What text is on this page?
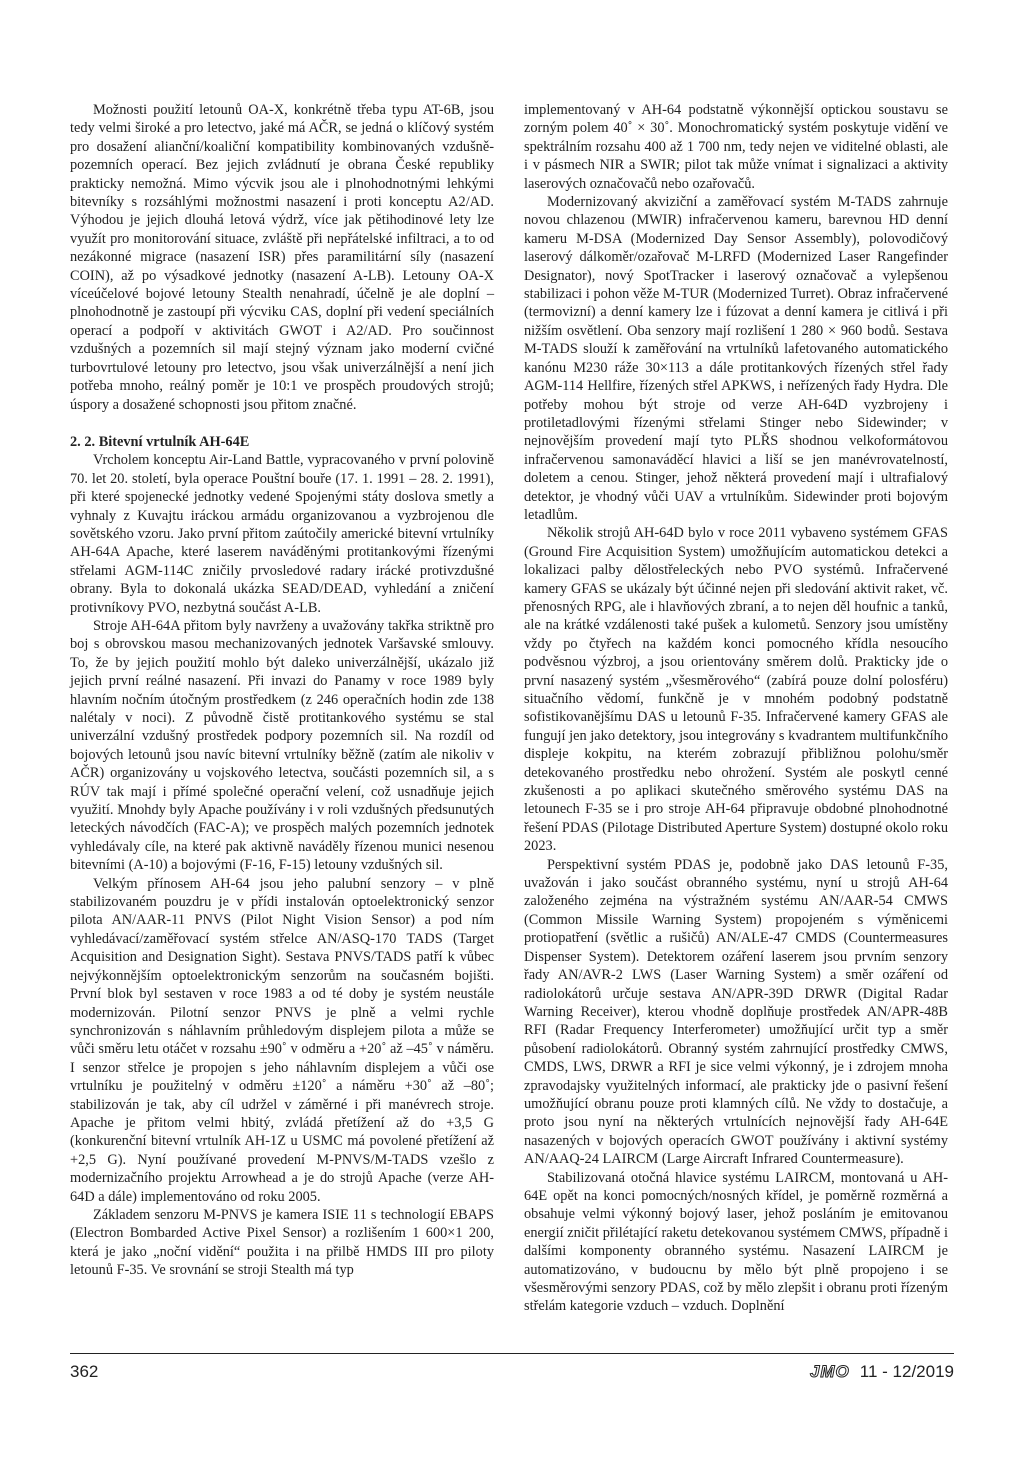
Možnosti použití letounů OA-X, konkrétně třeba typu AT-6B, jsou tedy velmi široké a pro letectvo, jaké má AČR, se jedná o klíčový systém pro dosažení alianční/koaliční kompatibility kombinovaných vzdušně-pozemních operací. Bez jejich zvládnutí je obrana České republiky prakticky nemožná. Mimo výcvik jsou ale i plnohodnotnými lehkými bitevníky s rozsáhlými možnostmi nasazení i proti konceptu A2/AD. Výhodou je jejich dlouhá letová výdrž, více jak pětihodinové lety lze využít pro monitorování situace, zvláště při nepřátelské infiltraci, a to od nezákonné migrace (nasazení ISR) přes paramilitární síly (nasazení COIN), až po výsadkové jednotky (nasazení A-LB). Letouny OA-X víceúčelové bojové letouny Stealth nenahradí, účelně je ale doplní – plnohodnotně je zastoupí při výcviku CAS, doplní při vedení speciálních operací a podpoří v aktivitách GWOT i A2/AD. Pro součinnost vzdušných a pozemních sil mají stejný význam jako moderní cvičné turbovrtulové letouny pro letectvo, jsou však univerzálnější a není jich potřeba mnoho, reálný poměr je 10:1 ve prospěch proudových strojů; úspory a dosažené schopnosti jsou přitom značné.

2. 2. Bitevní vrtulník AH-64E

Vrcholem konceptu Air-Land Battle, vypracovaného v první polovině 70. let 20. století, byla operace Pouštní bouře (17. 1. 1991 – 28. 2. 1991), při které spojenecké jednotky vedené Spojenými státy doslova smetly a vyhnaly z Kuvajtu iráckou armádu organizovanou a vyzbrojenou dle sovětského vzoru. Jako první přitom zaútočily americké bitevní vrtulníky AH-64A Apache, které laserem naváděnými protitankovými řízenými střelami AGM-114C zničily prvosledové radary irácké protivzdušné obrany. Byla to dokonalá ukázka SEAD/DEAD, vyhledání a zničení protivníkovy PVO, nezbytná součást A-LB.

Stroje AH-64A přitom byly navrženy a uvažovány takřka striktně pro boj s obrovskou masou mechanizovaných jednotek Varšavské smlouvy. To, že by jejich použití mohlo být daleko univerzálnější, ukázalo již jejich první reálné nasazení. Při invazi do Panamy v roce 1989 byly hlavním nočním útočným prostředkem (z 246 operačních hodin zde 138 nalétaly v noci). Z původně čistě protitankového systému se stal univerzální vzdušný prostředek podpory pozemních sil. Na rozdíl od bojových letounů jsou navíc bitevní vrtulníky běžně (zatím ale nikoliv v AČR) organizovány u vojskového letectva, součásti pozemních sil, a s RÚV tak mají i přímé společné operační velení, což usnadňuje jejich využití. Mnohdy byly Apache používány i v roli vzdušných předsunutých leteckých návodčích (FAC-A); ve prospěch malých pozemních jednotek vyhledávaly cíle, na které pak aktivně naváděly řízenou munici nesenou bitevními (A-10) a bojovými (F-16, F-15) letouny vzdušných sil.

Velkým přínosem AH-64 jsou jeho palubní senzory – v plně stabilizovaném pouzdru je v přídi instalován optoelektronický senzor pilota AN/AAR-11 PNVS (Pilot Night Vision Sensor) a pod ním vyhledávací/zaměřovací systém střelce AN/ASQ-170 TADS (Target Acquisition and Designation Sight). Sestava PNVS/TADS patří k vůbec nejvýkonnějším optoelektronickým senzorům na současném bojišti. První blok byl sestaven v roce 1983 a od té doby je systém neustále modernizován. Pilotní senzor PNVS je plně a velmi rychle synchronizován s náhlavním průhledovým displejem pilota a může se vůči směru letu otáčet v rozsahu ±90˚ v odměru a +20˚ až –45˚ v náměru. I senzor střelce je propojen s jeho náhlavním displejem a vůči ose vrtulníku je použitelný v odměru ±120˚ a náměru +30˚ až –80˚; stabilizován je tak, aby cíl udržel v záměrné i při manévrech stroje. Apache je přitom velmi hbitý, zvládá přetížení až do +3,5 G (konkurenční bitevní vrtulník AH-1Z u USMC má povolené přetížení až +2,5 G). Nyní používané provedení M-PNVS/M-TADS vzešlo z modernizačního projektu Arrowhead a je do strojů Apache (verze AH-64D a dále) implementováno od roku 2005.

Základem senzoru M-PNVS je kamera ISIE 11 s technologií EBAPS (Electron Bombarded Active Pixel Sensor) a rozlišením 1 600×1 200, která je jako „noční vidění“ použita i na přilbě HMDS III pro piloty letounů F-35. Ve srovnání se stroji Stealth má typ

implementovaný v AH-64 podstatně výkonnější optickou soustavu se zorným polem 40˚ × 30˚. Monochromatický systém poskytuje vidění ve spektrálním rozsahu 400 až 1 700 nm, tedy nejen ve viditelné oblasti, ale i v pásmech NIR a SWIR; pilot tak může vnímat i signalizaci a aktivity laserových označovačů nebo ozařovačů.

Modernizovaný akviziční a zaměřovací systém M-TADS zahrnuje novou chlazenou (MWIR) infračervenou kameru, barevnou HD denní kameru M-DSA (Modernized Day Sensor Assembly), polovodičový laserový dálkoměr/ozařovač M-LRFD (Modernized Laser Rangefinder Designator), nový SpotTracker i laserový označovač a vylepšenou stabilizaci i pohon věže M-TUR (Modernized Turret). Obraz infračervené (termovizní) a denní kamery lze i fúzovat a denní kamera je citlivá i při nižším osvětlení. Oba senzory mají rozlišení 1 280 × 960 bodů. Sestava M-TADS slouží k zaměřování na vrtulníků lafetovaného automatického kanónu M230 ráže 30×113 a dále protitankových řízených střel řady AGM-114 Hellfire, řízených střel APKWS, i neřízených řady Hydra. Dle potřeby mohou být stroje od verze AH-64D vyzbrojeny i protiletadlovými řízenými střelami Stinger nebo Sidewinder; v nejnovějším provedení mají tyto PLŘS shodnou velkoformátovou infračervenou samonaváděcí hlavici a liší se jen manévrovatelností, doletem a cenou. Stinger, jehož některá provedení mají i ultrafialový detektor, je vhodný vůči UAV a vrtulníkům. Sidewinder proti bojovým letadlům.

Několik strojů AH-64D bylo v roce 2011 vybaveno systémem GFAS (Ground Fire Acquisition System) umožňujícím automatickou detekci a lokalizaci palby dělostřeleckých nebo PVO systémů. Infračervené kamery GFAS se ukázaly být účinné nejen při sledování aktivit raket, vč. přenosných RPG, ale i hlavňových zbraní, a to nejen děl houfnic a tanků, ale na krátké vzdálenosti také pušek a kulometů. Senzory jsou umístěny vždy po čtyřech na každém konci pomocného křídla nesoucího podvěsnou výzbroj, a jsou orientovány směrem dolů. Prakticky jde o první nasazený systém „všesměrového“ (zabírá pouze dolní polosféru) situačního vědomí, funkčně je v mnohém podobný podstatně sofistikovanějšímu DAS u letounů F-35. Infračervené kamery GFAS ale fungují jen jako detektory, jsou integrovány s kvadrantem multifunkčního displeje kokpitu, na kterém zobrazují přibližnou polohu/směr detekovaného prostředku nebo ohrožení. Systém ale poskytl cenné zkušenosti a po aplikaci skutečného směrového systému DAS na letounech F-35 se i pro stroje AH-64 připravuje obdobné plnohodnotné řešení PDAS (Pilotage Distributed Aperture System) dostupné okolo roku 2023.

Perspektivní systém PDAS je, podobně jako DAS letounů F-35, uvažován i jako součást obranného systému, nyní u strojů AH-64 založeného zejména na výstražném systému AN/AAR-54 CMWS (Common Missile Warning System) propojeném s výměnicemi protiopatření (světlic a rušičů) AN/ALE-47 CMDS (Countermeasures Dispenser System). Detektorem ozáření laserem jsou prvním senzory řady AN/AVR-2 LWS (Laser Warning System) a směr ozáření od radiolokátorů určuje sestava AN/APR-39D DRWR (Digital Radar Warning Receiver), kterou vhodně doplňuje prostředek AN/APR-48B RFI (Radar Frequency Interferometer) umožňující určit typ a směr působení radiolokátorů. Obranný systém zahrnující prostředky CMWS, CMDS, LWS, DRWR a RFI je sice velmi výkonný, je i zdrojem mnoha zpravodajsky využitelných informací, ale prakticky jde o pasivní řešení umožňující obranu pouze proti klamných cílů. Ne vždy to dostačuje, a proto jsou nyní na některých vrtulnících nejnovější řady AH-64E nasazených v bojových operacích GWOT používány i aktivní systémy AN/AAQ-24 LAIRCM (Large Aircraft Infrared Countermeasure).

Stabilizovaná otočná hlavice systému LAIRCM, montovaná u AH-64E opět na konci pomocných/nosných křídel, je poměrně rozměrná a obsahuje velmi výkonný bojový laser, jehož posláním je emitovanou energií zničit přilétající raketu detekovanou systémem CMWS, případně i dalšími komponenty obranného systému. Nasazení LAIRCM je automatizováno, v budoucnu by mělo být plně propojeno i se všesměrovými senzory PDAS, což by mělo zlepšit i obranu proti řízeným střelám kategorie vzduch – vzduch. Doplnění

362	JMO 11 - 12/2019
